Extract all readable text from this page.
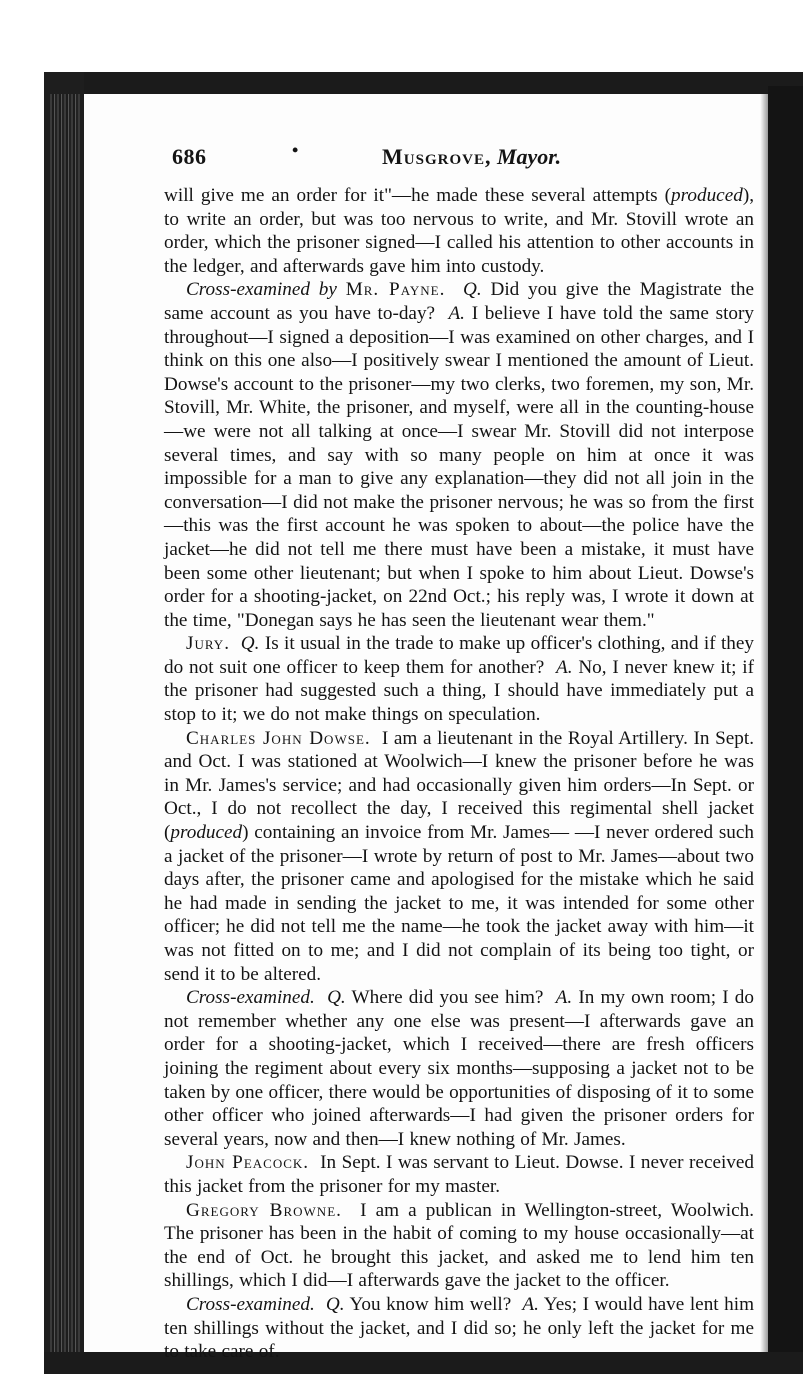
686	•	Musgrove, Mayor.

will give me an order for it"—he made these several attempts (produced), to write an order, but was too nervous to write, and Mr. Stovill wrote an order, which the prisoner signed—I called his attention to other accounts in the ledger, and afterwards gave him into custody.

Cross-examined by Mr. Payne. Q. Did you give the Magistrate the same account as you have to-day? A. I believe I have told the same story throughout—I signed a deposition—I was examined on other charges, and I think on this one also—I positively swear I mentioned the amount of Lieut. Dowse's account to the prisoner—my two clerks, two foremen, my son, Mr. Stovill, Mr. White, the prisoner, and myself, were all in the counting-house—we were not all talking at once—I swear Mr. Stovill did not interpose several times, and say with so many people on him at once it was impossible for a man to give any explanation—they did not all join in the conversation—I did not make the prisoner nervous; he was so from the first—this was the first account he was spoken to about—the police have the jacket—he did not tell me there must have been a mistake, it must have been some other lieutenant; but when I spoke to him about Lieut. Dowse's order for a shooting-jacket, on 22nd Oct.; his reply was, I wrote it down at the time, "Donegan says he has seen the lieutenant wear them."

Jury. Q. Is it usual in the trade to make up officer's clothing, and if they do not suit one officer to keep them for another? A. No, I never knew it; if the prisoner had suggested such a thing, I should have immediately put a stop to it; we do not make things on speculation.

Charles John Dowse. I am a lieutenant in the Royal Artillery. In Sept. and Oct. I was stationed at Woolwich—I knew the prisoner before he was in Mr. James's service; and had occasionally given him orders—In Sept. or Oct., I do not recollect the day, I received this regimental shell jacket (produced) containing an invoice from Mr. James— —I never ordered such a jacket of the prisoner—I wrote by return of post to Mr. James—about two days after, the prisoner came and apologised for the mistake which he said he had made in sending the jacket to me, it was intended for some other officer; he did not tell me the name—he took the jacket away with him—it was not fitted on to me; and I did not complain of its being too tight, or send it to be altered.

Cross-examined. Q. Where did you see him? A. In my own room; I do not remember whether any one else was present—I afterwards gave an order for a shooting-jacket, which I received—there are fresh officers joining the regiment about every six months—supposing a jacket not to be taken by one officer, there would be opportunities of disposing of it to some other officer who joined afterwards—I had given the prisoner orders for several years, now and then—I knew nothing of Mr. James.

John Peacock. In Sept. I was servant to Lieut. Dowse. I never received this jacket from the prisoner for my master.

Gregory Browne. I am a publican in Wellington-street, Woolwich. The prisoner has been in the habit of coming to my house occasionally—at the end of Oct. he brought this jacket, and asked me to lend him ten shillings, which I did—I afterwards gave the jacket to the officer.

Cross-examined. Q. You know him well? A. Yes; I would have lent him ten shillings without the jacket, and I did so; he only left the jacket for me to take care of.
